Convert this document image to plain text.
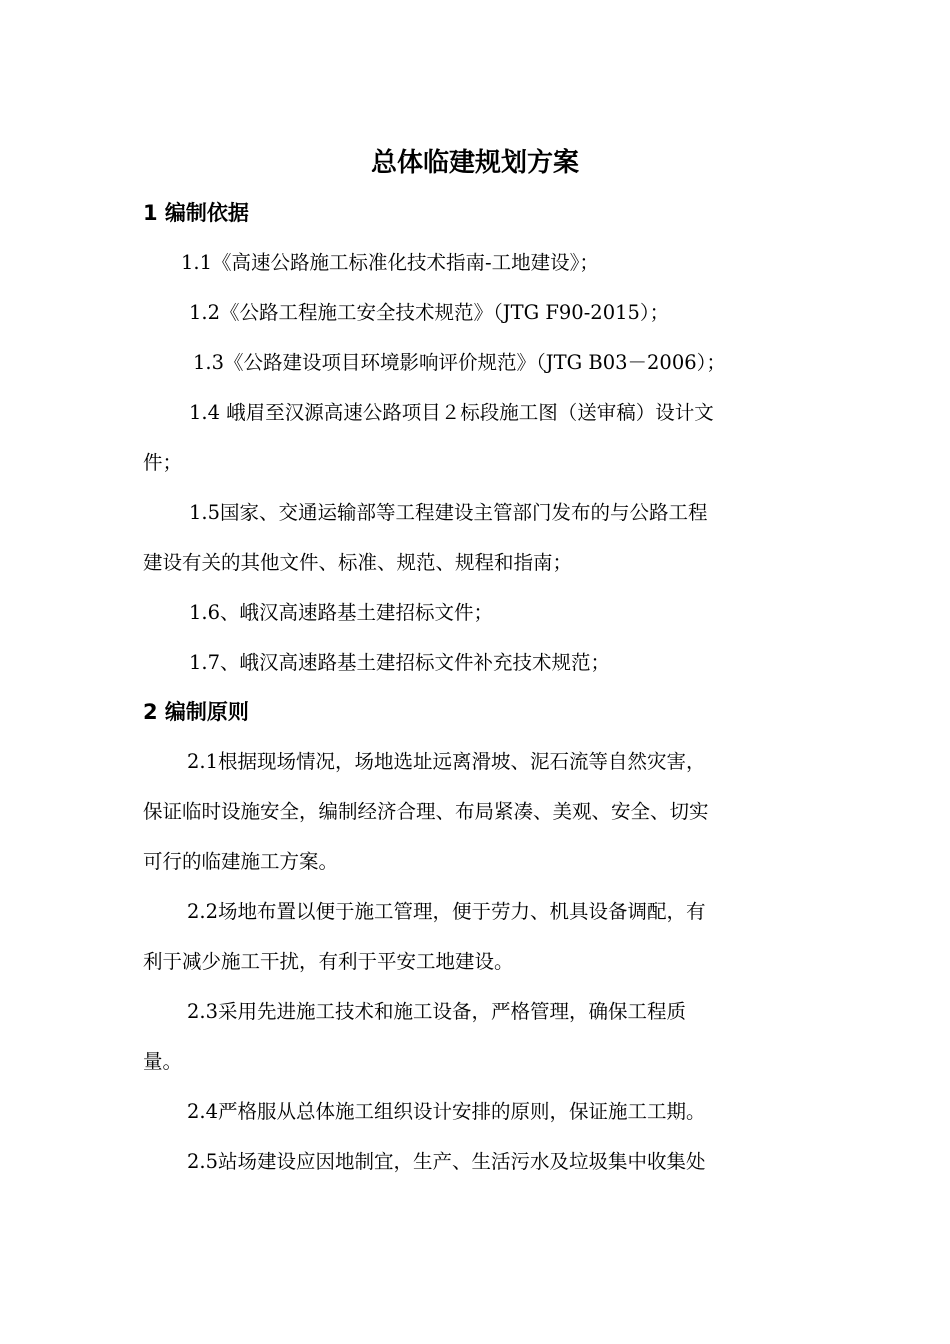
总体临建规划方案
1 编制依据
1.1《高速公路施工标准化技术指南-工地建设》；
1.2《公路工程施工安全技术规范》（JTG F90-2015）；
1.3《公路建设项目环境影响评价规范》（JTG B03－2006）；
1.4 峨眉至汉源高速公路项目２标段施工图（送审稿）设计文
件；
1.5国家、交通运输部等工程建设主管部门发布的与公路工程
建设有关的其他文件、标准、规范、规程和指南；
1.6、峨汉高速路基土建招标文件；
1.7、峨汉高速路基土建招标文件补充技术规范；
2 编制原则
2.1根据现场情况，场地选址远离滑坡、泥石流等自然灾害，
保证临时设施安全，编制经济合理、布局紧凑、美观、安全、切实
可行的临建施工方案。
2.2场地布置以便于施工管理，便于劳力、机具设备调配，有
利于减少施工干扰，有利于平安工地建设。
2.3采用先进施工技术和施工设备，严格管理，确保工程质
量。
2.4严格服从总体施工组织设计安排的原则，保证施工工期。
2.5站场建设应因地制宜，生产、生活污水及垃圾集中收集处
